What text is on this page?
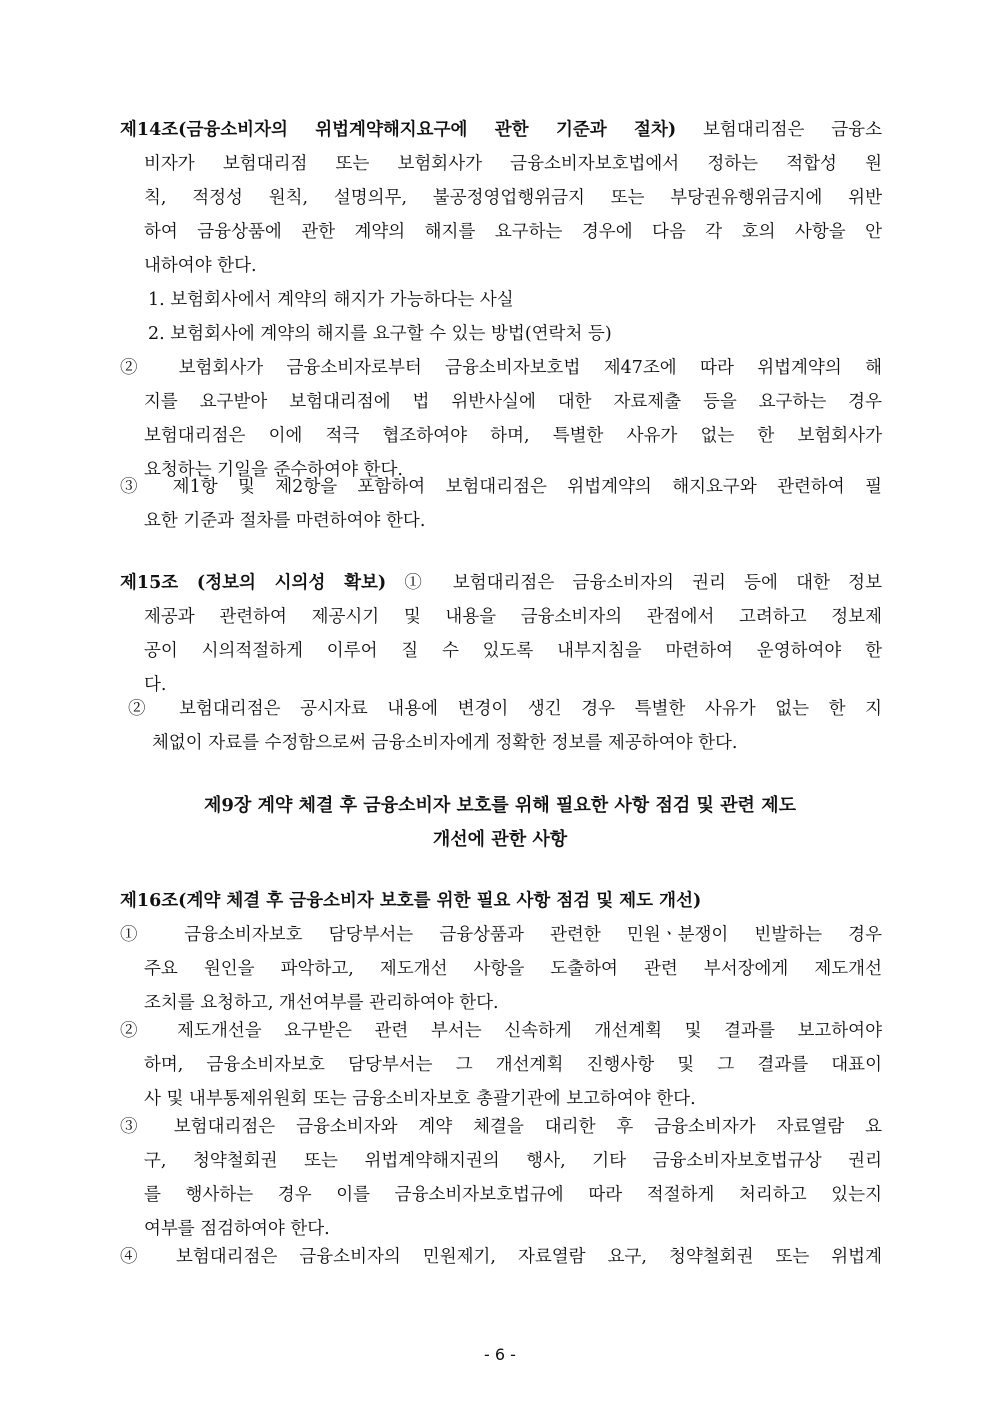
제14조(금융소비자의 위법계약해지요구에 관한 기준과 절차) 보험대리점은 금융소
비자가 보험대리점 또는 보험회사가 금융소비자보호법에서 정하는 적합성 원
칙, 적정성 원칙, 설명의무, 불공정영업행위금지 또는 부당권유행위금지에 위반
하여 금융상품에 관한 계약의 해지를 요구하는 경우에 다음 각 호의 사항을 안
내하여야 한다.
1. 보험회사에서 계약의 해지가 가능하다는 사실
2. 보험회사에 계약의 해지를 요구할 수 있는 방법(연락처 등)
② 보험회사가 금융소비자로부터 금융소비자보호법 제47조에 따라 위법계약의 해
지를 요구받아 보험대리점에 법 위반사실에 대한 자료제출 등을 요구하는 경우
보험대리점은 이에 적극 협조하여야 하며, 특별한 사유가 없는 한 보험회사가
요청하는 기일을 준수하여야 한다.
③ 제1항 및 제2항을 포함하여 보험대리점은 위법계약의 해지요구와 관련하여 필
요한 기준과 절차를 마련하여야 한다.
제15조 (정보의 시의성 확보) ① 보험대리점은 금융소비자의 권리 등에 대한 정보
제공과 관련하여 제공시기 및 내용을 금융소비자의 관점에서 고려하고 정보제
공이 시의적절하게 이루어 질 수 있도록 내부지침을 마련하여 운영하여야 한
다.
② 보험대리점은 공시자료 내용에 변경이 생긴 경우 특별한 사유가 없는 한 지
체없이 자료를 수정함으로써 금융소비자에게 정확한 정보를 제공하여야 한다.
제9장 계약 체결 후 금융소비자 보호를 위해 필요한 사항 점검 및 관련 제도
개선에 관한 사항
제16조(계약 체결 후 금융소비자 보호를 위한 필요 사항 점검 및 제도 개선)
① 금융소비자보호 담당부서는 금융상품과 관련한 민원ㆍ분쟁이 빈발하는 경우
주요 원인을 파악하고, 제도개선 사항을 도출하여 관련 부서장에게 제도개선
조치를 요청하고, 개선여부를 관리하여야 한다.
② 제도개선을 요구받은 관련 부서는 신속하게 개선계획 및 결과를 보고하여야
하며, 금융소비자보호 담당부서는 그 개선계획 진행사항 및 그 결과를 대표이
사 및 내부통제위원회 또는 금융소비자보호 총괄기관에 보고하여야 한다.
③ 보험대리점은 금융소비자와 계약 체결을 대리한 후 금융소비자가 자료열람 요
구, 청약철회권 또는 위법계약해지권의 행사, 기타 금융소비자보호법규상 권리
를 행사하는 경우 이를 금융소비자보호법규에 따라 적절하게 처리하고 있는지
여부를 점검하여야 한다.
④ 보험대리점은 금융소비자의 민원제기, 자료열람 요구, 청약철회권 또는 위법계
- 6 -
